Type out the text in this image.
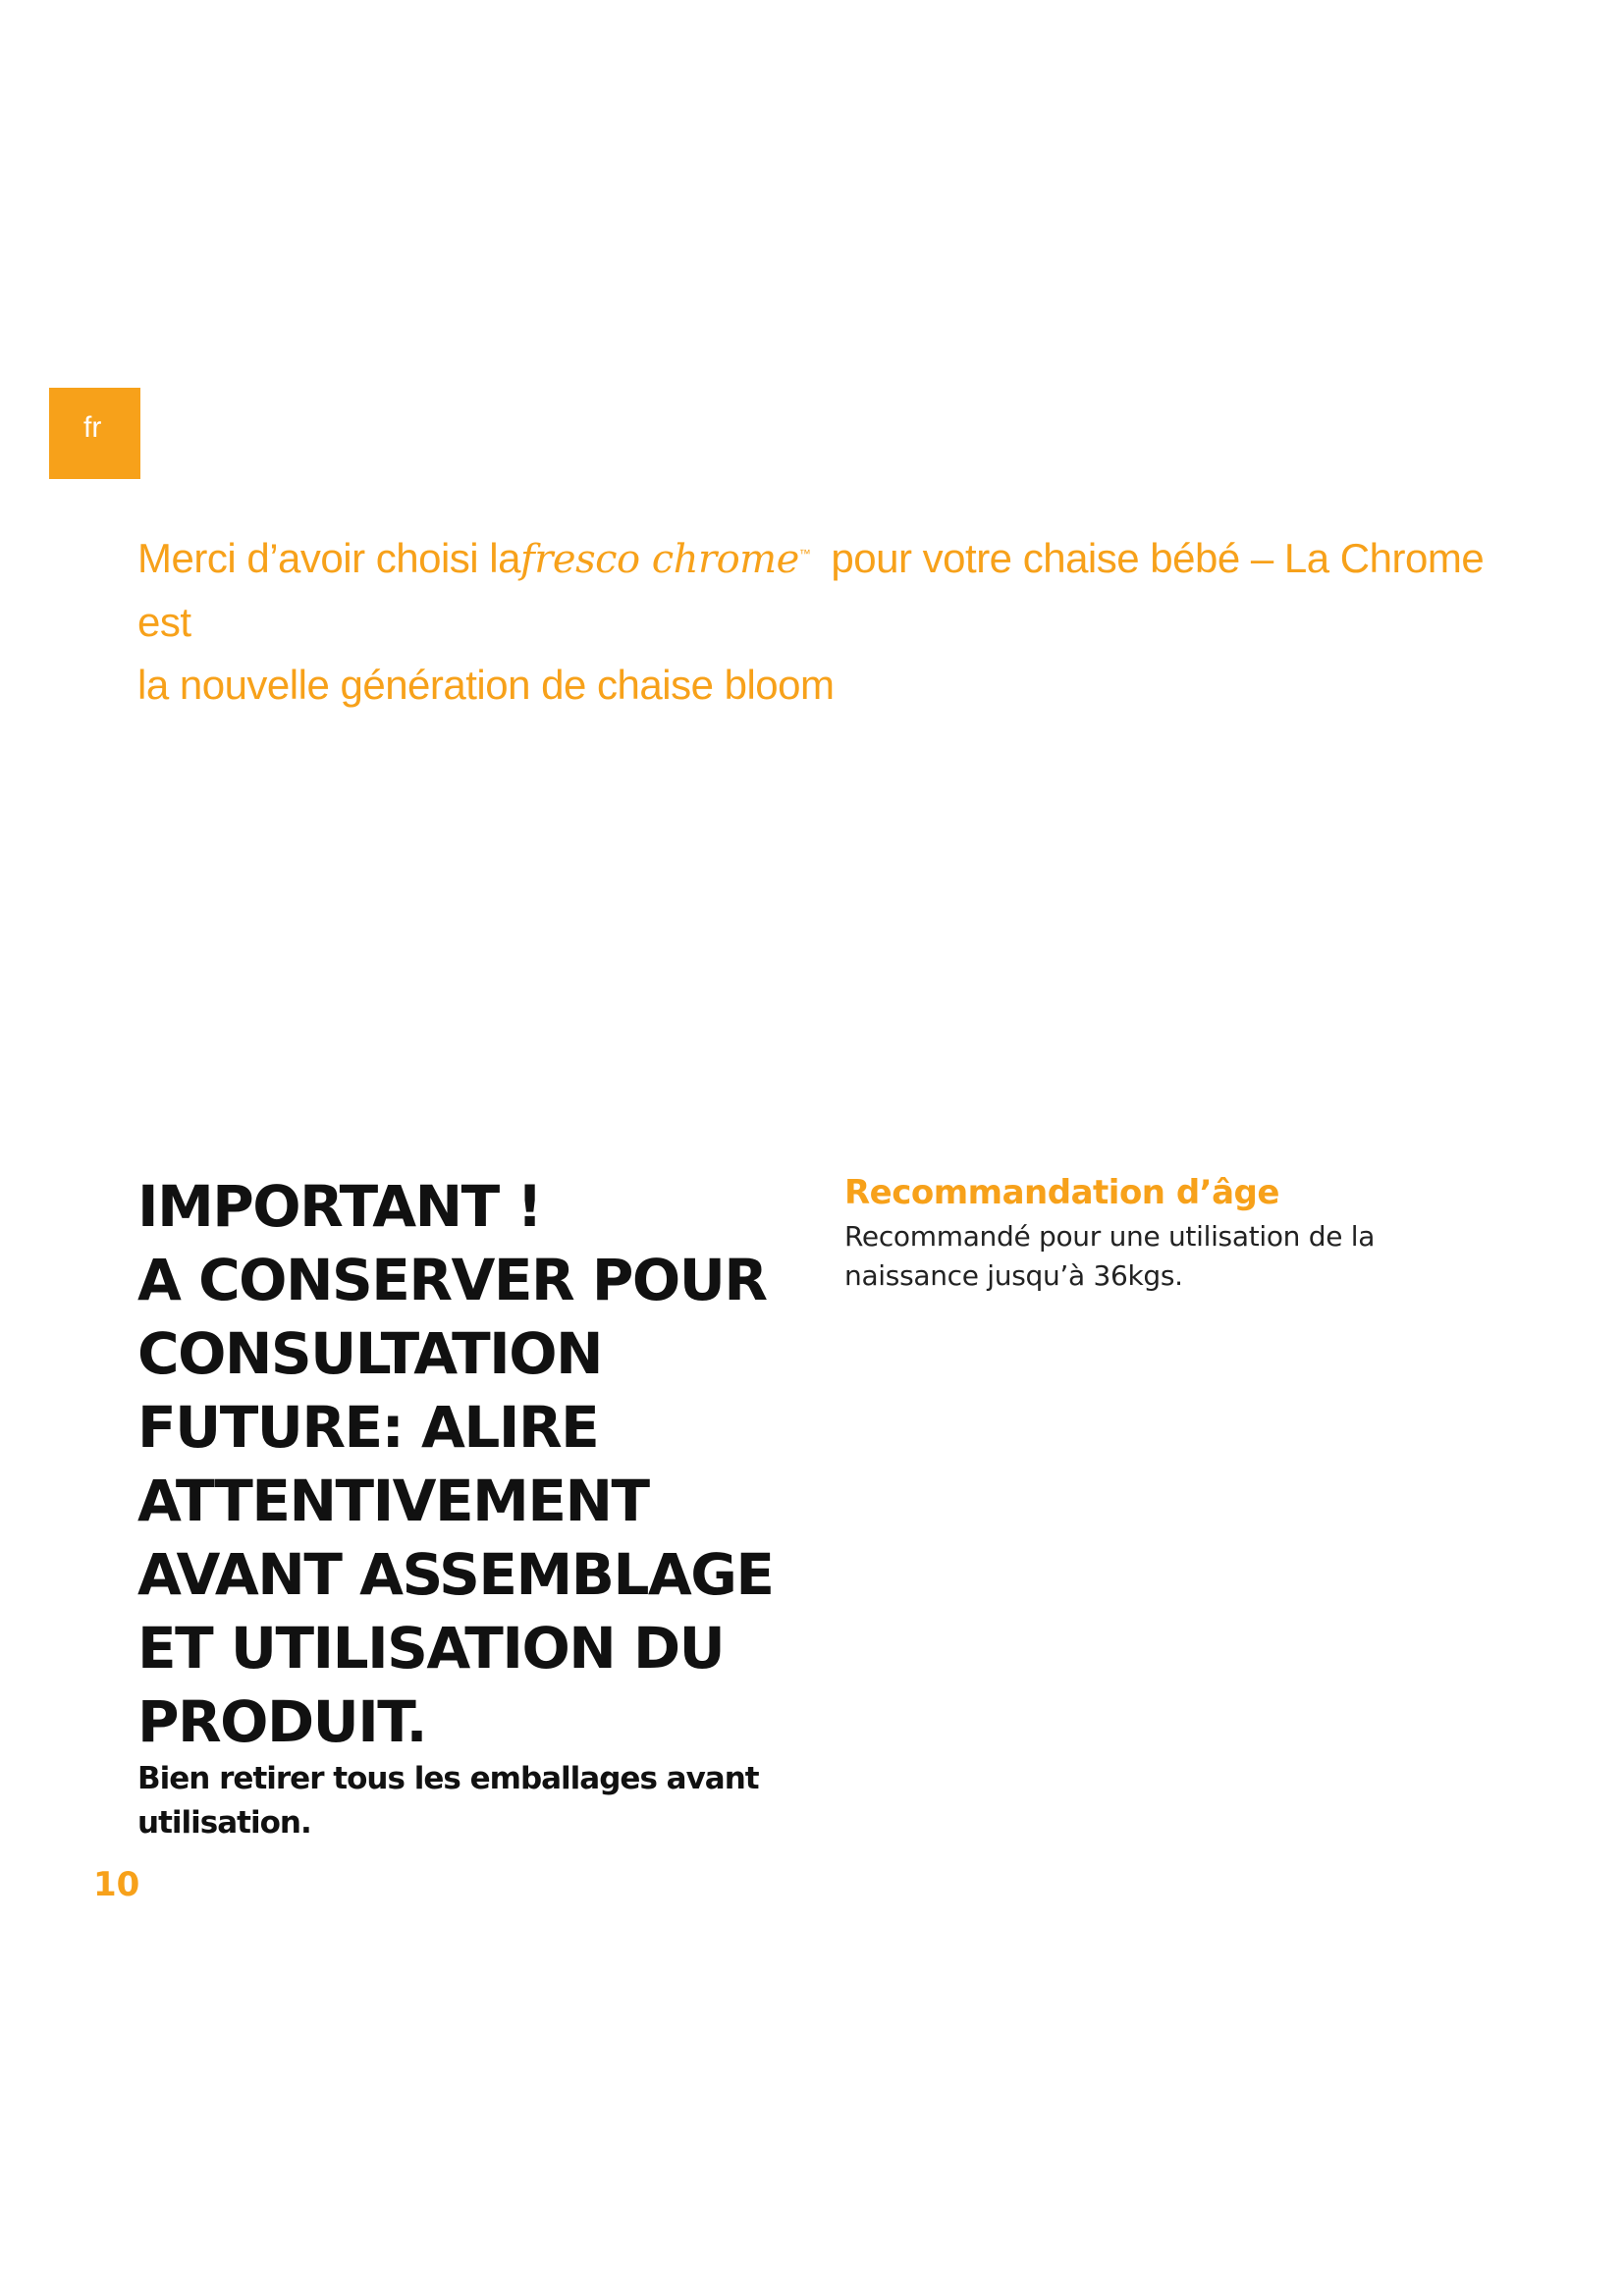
fr
Merci d’avoir choisi lafresco chrome™ pour votre chaise bébé – La Chrome est
la nouvelle génération de chaise bloom
IMPORTANT !
A CONSERVER POUR
CONSULTATION
FUTURE: ALIRE
ATTENTIVEMENT
AVANT ASSEMBLAGE
ET UTILISATION DU
PRODUIT.

Bien retirer tous les emballages avant utilisation.

Recommandation d’âge

Recommandé pour une utilisation de la naissance jusqu’à 36kgs.

10
